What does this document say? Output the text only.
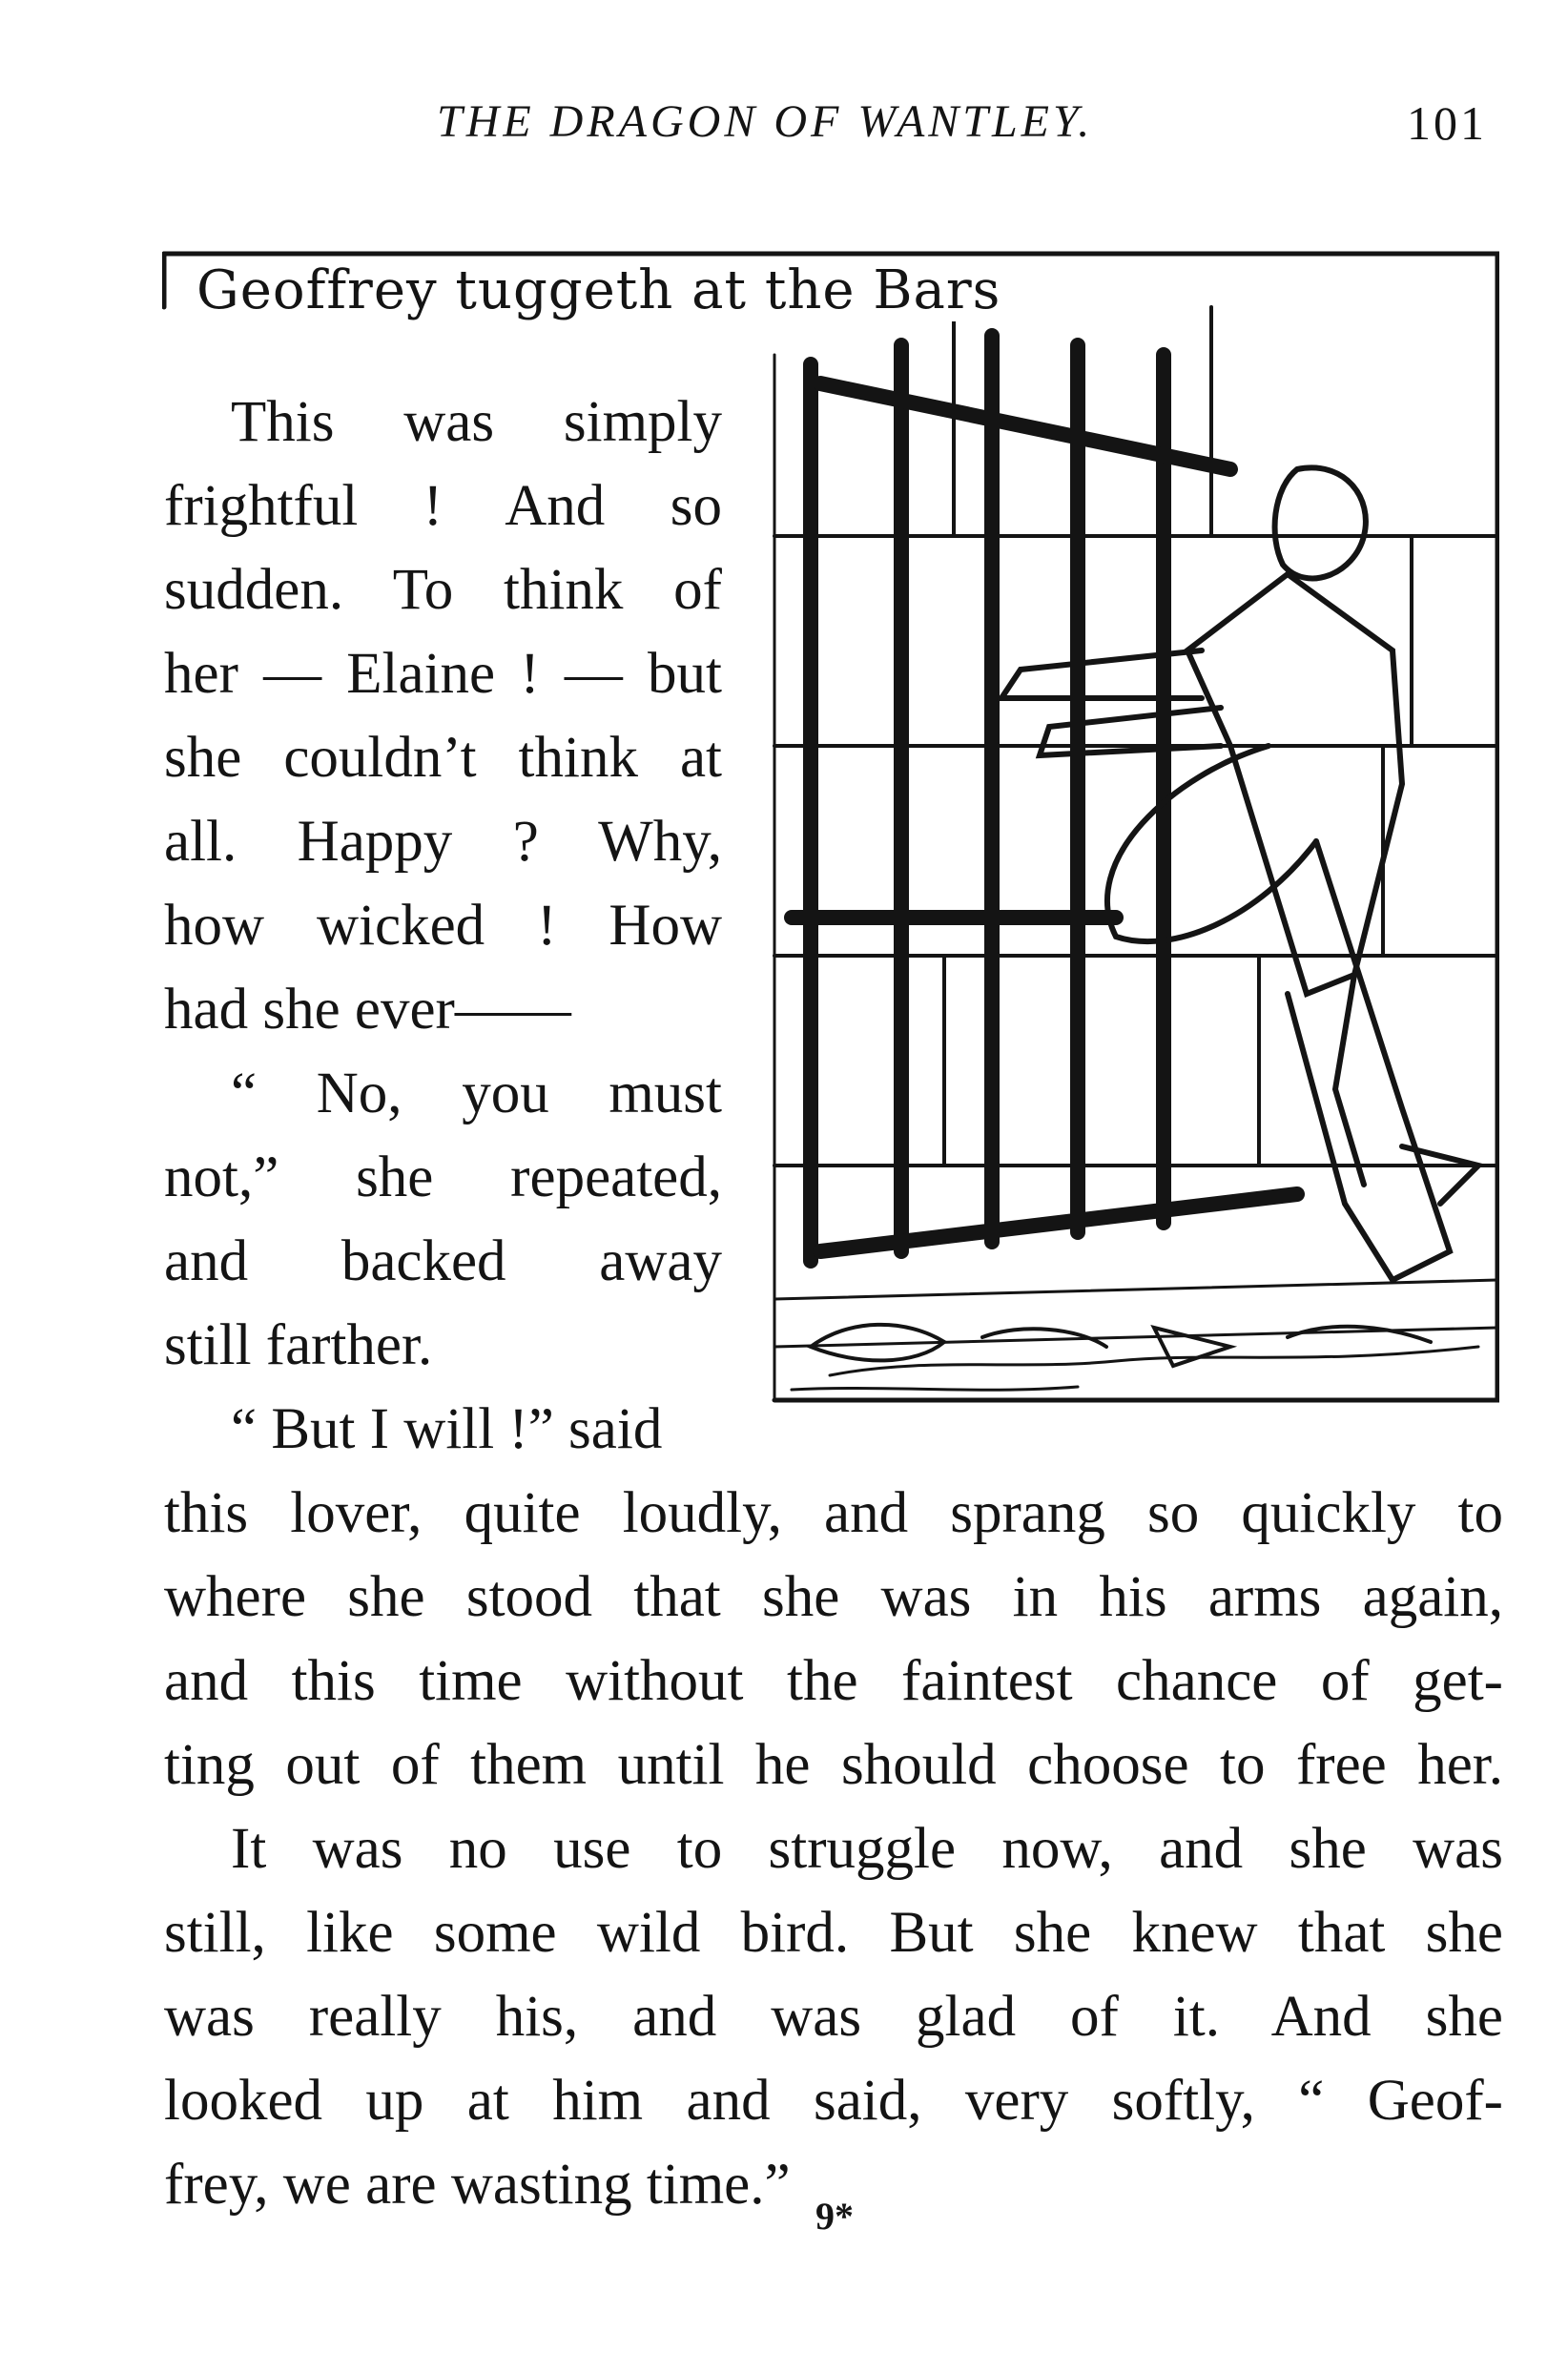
THE DRAGON OF WANTLEY.	101
Geoffrey tuggeth at the Bars
This was simply
frightful ! And so
sudden. To think of
her — Elaine ! — but
she couldn’t think at
all. Happy ? Why,
how wicked ! How
had she ever——
“ No, you must
not,” she repeated,
and backed away
still farther.
“ But I will !” said
this lover, quite loudly, and sprang so quickly to
where she stood that she was in his arms again,
and this time without the faintest chance of get-
ting out of them until he should choose to free her.
It was no use to struggle now, and she was
still, like some wild bird. But she knew that she
was really his, and was glad of it. And she
looked up at him and said, very softly, “ Geof-
frey, we are wasting time.” 9*
